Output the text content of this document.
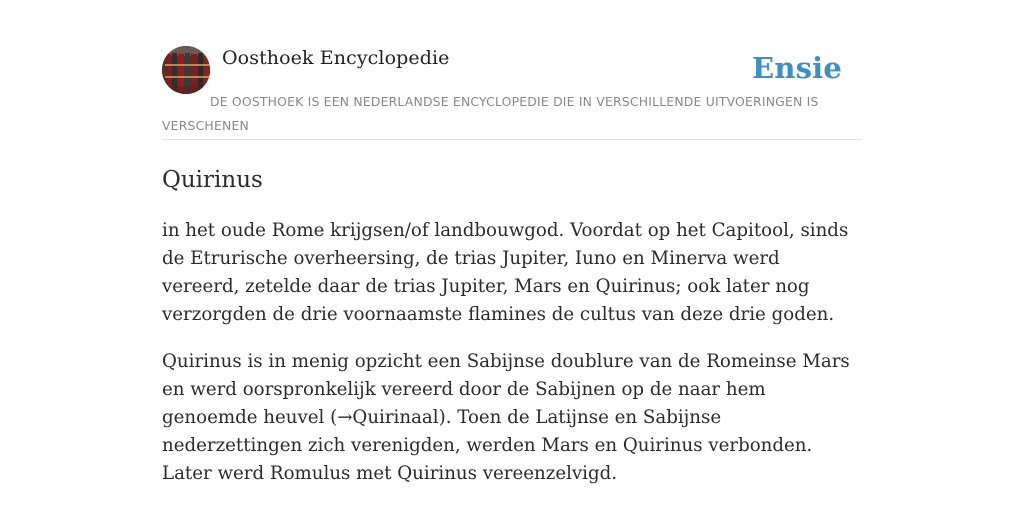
Oosthoek Encyclopedie	Ensie
DE OOSTHOEK IS EEN NEDERLANDSE ENCYCLOPEDIE DIE IN VERSCHILLENDE UITVOERINGEN IS VERSCHENEN
Quirinus

in het oude Rome krijgsen/of landbouwgod. Voordat op het Capitool, sinds de Etrurische overheersing, de trias Jupiter, Iuno en Minerva werd vereerd, zetelde daar de trias Jupiter, Mars en Quirinus; ook later nog verzorgden de drie voornaamste flamines de cultus van deze drie goden.

Quirinus is in menig opzicht een Sabijnse doublure van de Romeinse Mars en werd oorspronkelijk vereerd door de Sabijnen op de naar hem genoemde heuvel (→Quirinaal). Toen de Latijnse en Sabijnse nederzettingen zich verenigden, werden Mars en Quirinus verbonden. Later werd Romulus met Quirinus vereenzelvigd.
